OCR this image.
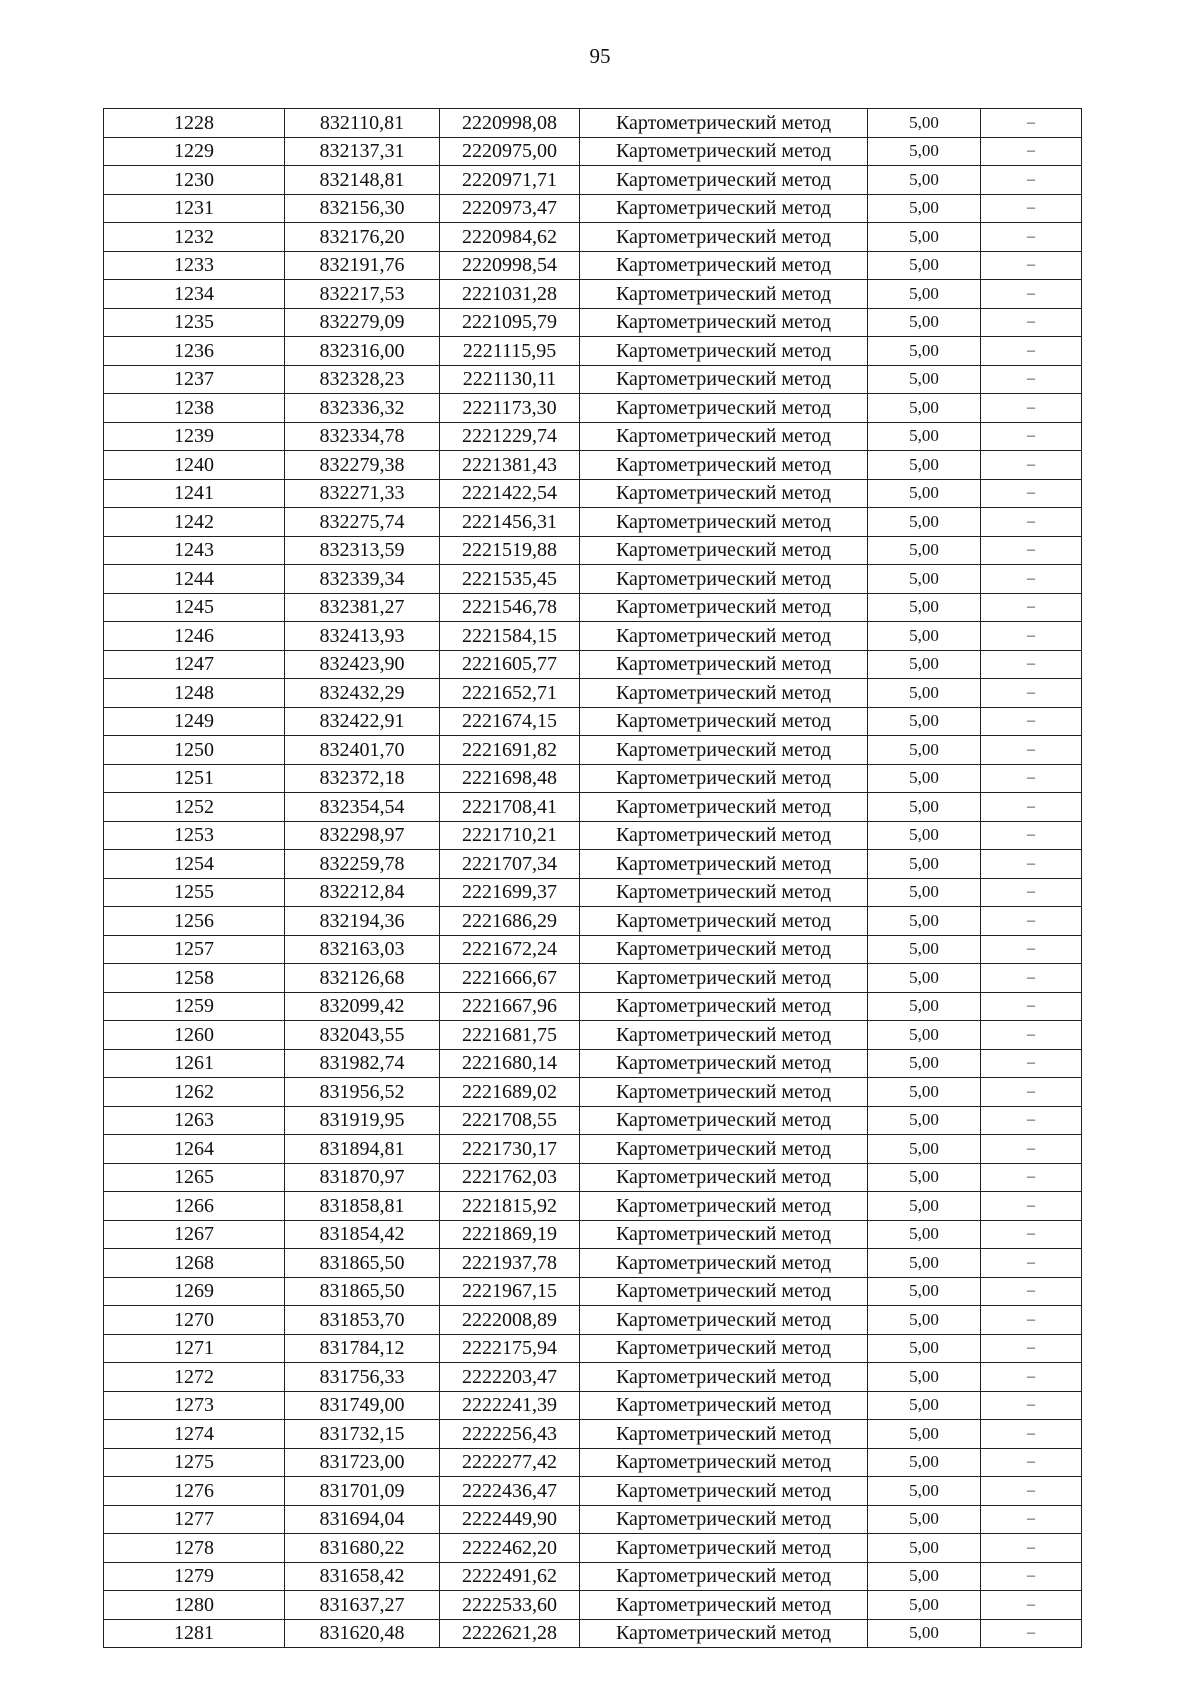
95
1228	832110,81	2220998,08	Картометрический метод	5,00	–
1229	832137,31	2220975,00	Картометрический метод	5,00	–
1230	832148,81	2220971,71	Картометрический метод	5,00	–
1231	832156,30	2220973,47	Картометрический метод	5,00	–
1232	832176,20	2220984,62	Картометрический метод	5,00	–
1233	832191,76	2220998,54	Картометрический метод	5,00	–
1234	832217,53	2221031,28	Картометрический метод	5,00	–
1235	832279,09	2221095,79	Картометрический метод	5,00	–
1236	832316,00	2221115,95	Картометрический метод	5,00	–
1237	832328,23	2221130,11	Картометрический метод	5,00	–
1238	832336,32	2221173,30	Картометрический метод	5,00	–
1239	832334,78	2221229,74	Картометрический метод	5,00	–
1240	832279,38	2221381,43	Картометрический метод	5,00	–
1241	832271,33	2221422,54	Картометрический метод	5,00	–
1242	832275,74	2221456,31	Картометрический метод	5,00	–
1243	832313,59	2221519,88	Картометрический метод	5,00	–
1244	832339,34	2221535,45	Картометрический метод	5,00	–
1245	832381,27	2221546,78	Картометрический метод	5,00	–
1246	832413,93	2221584,15	Картометрический метод	5,00	–
1247	832423,90	2221605,77	Картометрический метод	5,00	–
1248	832432,29	2221652,71	Картометрический метод	5,00	–
1249	832422,91	2221674,15	Картометрический метод	5,00	–
1250	832401,70	2221691,82	Картометрический метод	5,00	–
1251	832372,18	2221698,48	Картометрический метод	5,00	–
1252	832354,54	2221708,41	Картометрический метод	5,00	–
1253	832298,97	2221710,21	Картометрический метод	5,00	–
1254	832259,78	2221707,34	Картометрический метод	5,00	–
1255	832212,84	2221699,37	Картометрический метод	5,00	–
1256	832194,36	2221686,29	Картометрический метод	5,00	–
1257	832163,03	2221672,24	Картометрический метод	5,00	–
1258	832126,68	2221666,67	Картометрический метод	5,00	–
1259	832099,42	2221667,96	Картометрический метод	5,00	–
1260	832043,55	2221681,75	Картометрический метод	5,00	–
1261	831982,74	2221680,14	Картометрический метод	5,00	–
1262	831956,52	2221689,02	Картометрический метод	5,00	–
1263	831919,95	2221708,55	Картометрический метод	5,00	–
1264	831894,81	2221730,17	Картометрический метод	5,00	–
1265	831870,97	2221762,03	Картометрический метод	5,00	–
1266	831858,81	2221815,92	Картометрический метод	5,00	–
1267	831854,42	2221869,19	Картометрический метод	5,00	–
1268	831865,50	2221937,78	Картометрический метод	5,00	–
1269	831865,50	2221967,15	Картометрический метод	5,00	–
1270	831853,70	2222008,89	Картометрический метод	5,00	–
1271	831784,12	2222175,94	Картометрический метод	5,00	–
1272	831756,33	2222203,47	Картометрический метод	5,00	–
1273	831749,00	2222241,39	Картометрический метод	5,00	–
1274	831732,15	2222256,43	Картометрический метод	5,00	–
1275	831723,00	2222277,42	Картометрический метод	5,00	–
1276	831701,09	2222436,47	Картометрический метод	5,00	–
1277	831694,04	2222449,90	Картометрический метод	5,00	–
1278	831680,22	2222462,20	Картометрический метод	5,00	–
1279	831658,42	2222491,62	Картометрический метод	5,00	–
1280	831637,27	2222533,60	Картометрический метод	5,00	–
1281	831620,48	2222621,28	Картометрический метод	5,00	–
